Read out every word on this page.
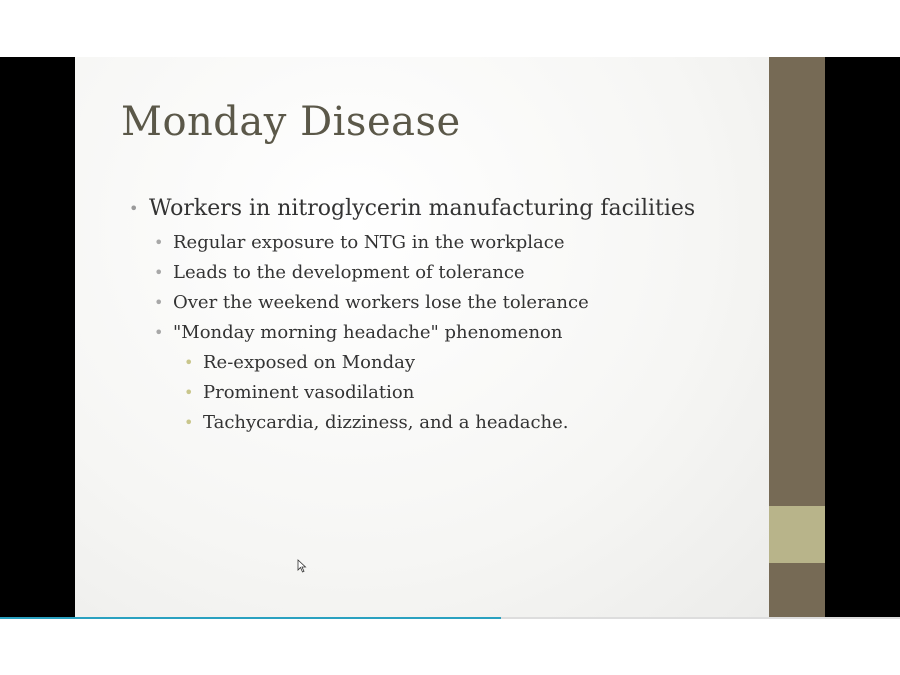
Monday Disease
• Workers in nitroglycerin manufacturing facilities
• Regular exposure to NTG in the workplace
• Leads to the development of tolerance
• Over the weekend workers lose the tolerance
• "Monday morning headache" phenomenon
• Re-exposed on Monday
• Prominent vasodilation
• Tachycardia, dizziness, and a headache.
